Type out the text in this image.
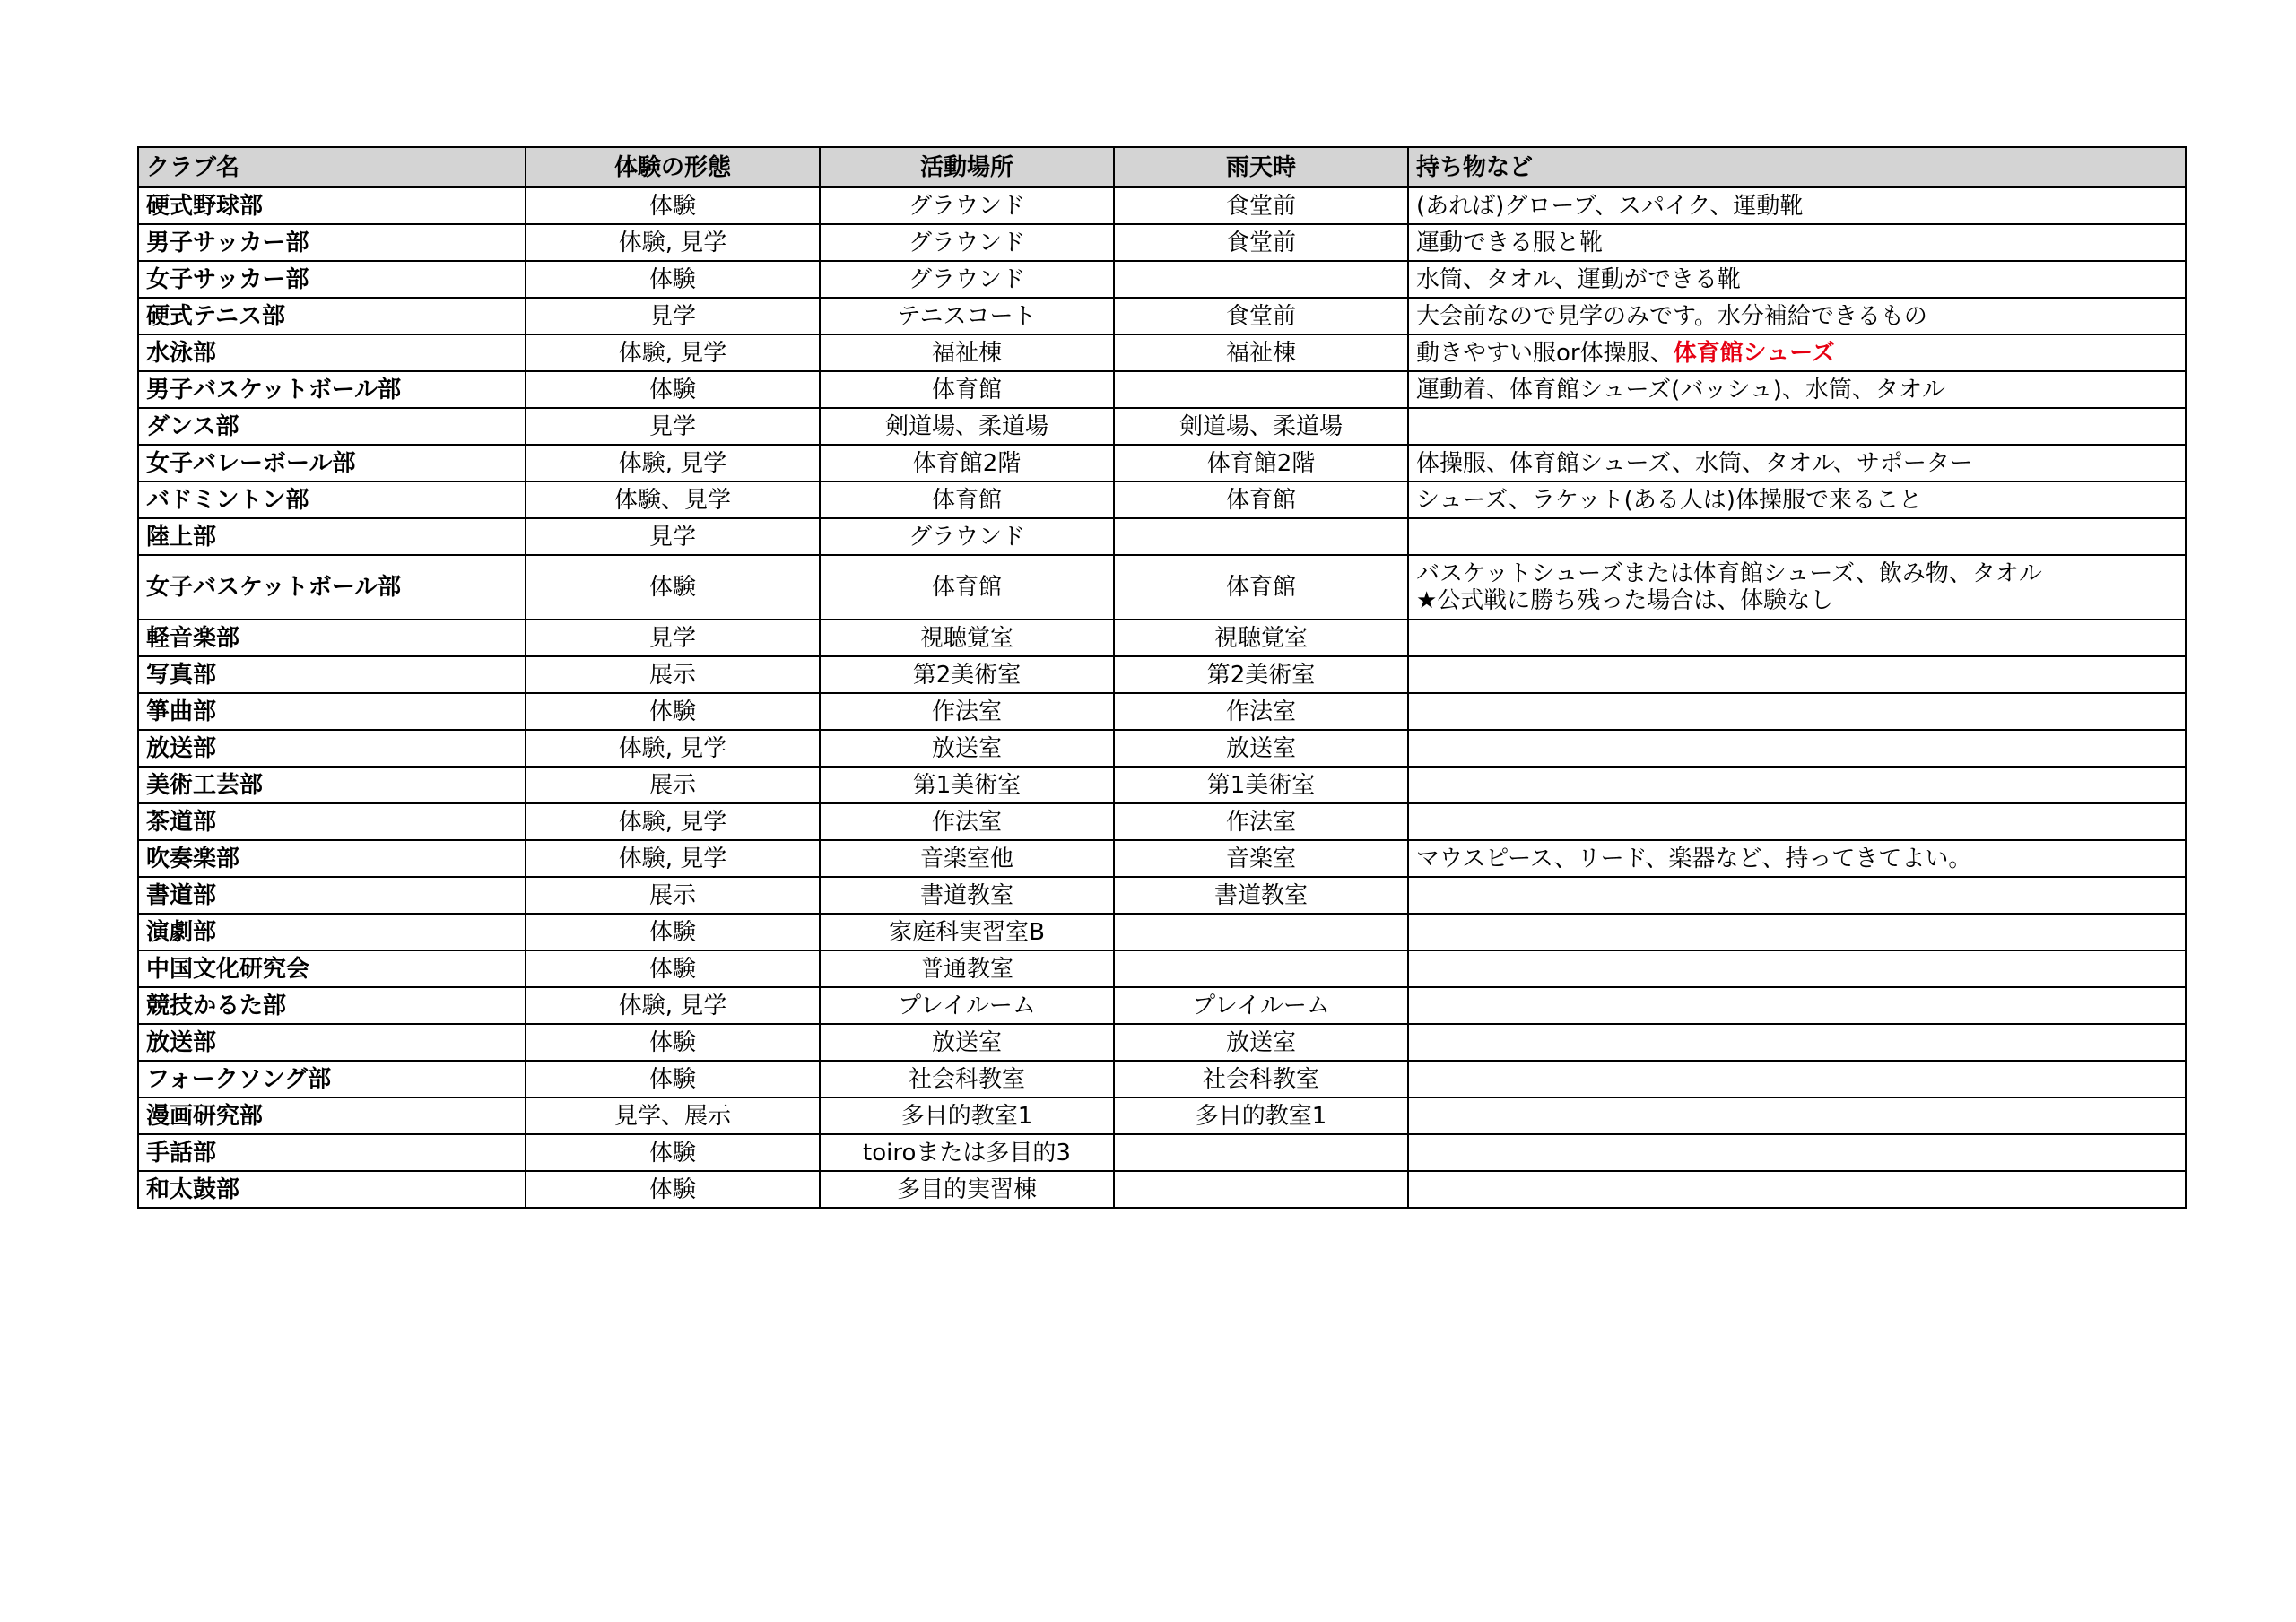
クラブ名	体験の形態	活動場所	雨天時	持ち物など
硬式野球部	体験	グラウンド	食堂前	(あれば)グローブ、スパイク、運動靴
男子サッカー部	体験, 見学	グラウンド	食堂前	運動できる服と靴
女子サッカー部	体験	グラウンド		水筒、タオル、運動ができる靴
硬式テニス部	見学	テニスコート	食堂前	大会前なので見学のみです。水分補給できるもの
水泳部	体験, 見学	福祉棟	福祉棟	動きやすい服or体操服、体育館シューズ
男子バスケットボール部	体験	体育館		運動着、体育館シューズ(バッシュ)、水筒、タオル
ダンス部	見学	剣道場、柔道場	剣道場、柔道場	
女子バレーボール部	体験, 見学	体育館2階	体育館2階	体操服、体育館シューズ、水筒、タオル、サポーター
バドミントン部	体験、見学	体育館	体育館	シューズ、ラケット(ある人は)体操服で来ること
陸上部	見学	グラウンド		
女子バスケットボール部	体験	体育館	体育館	バスケットシューズまたは体育館シューズ、飲み物、タオル
★公式戦に勝ち残った場合は、体験なし

軽音楽部	見学	視聴覚室	視聴覚室	
写真部	展示	第2美術室	第2美術室	
箏曲部	体験	作法室	作法室	
放送部	体験, 見学	放送室	放送室	
美術工芸部	展示	第1美術室	第1美術室	
茶道部	体験, 見学	作法室	作法室	
吹奏楽部	体験, 見学	音楽室他	音楽室	マウスピース、リード、楽器など、持ってきてよい。
書道部	展示	書道教室	書道教室	
演劇部	体験	家庭科実習室B		
中国文化研究会	体験	普通教室		
競技かるた部	体験, 見学	プレイルーム	プレイルーム	
放送部	体験	放送室	放送室	
フォークソング部	体験	社会科教室	社会科教室	
漫画研究部	見学、展示	多目的教室1	多目的教室1	
手話部	体験	toiroまたは多目的3		
和太鼓部	体験	多目的実習棟		
